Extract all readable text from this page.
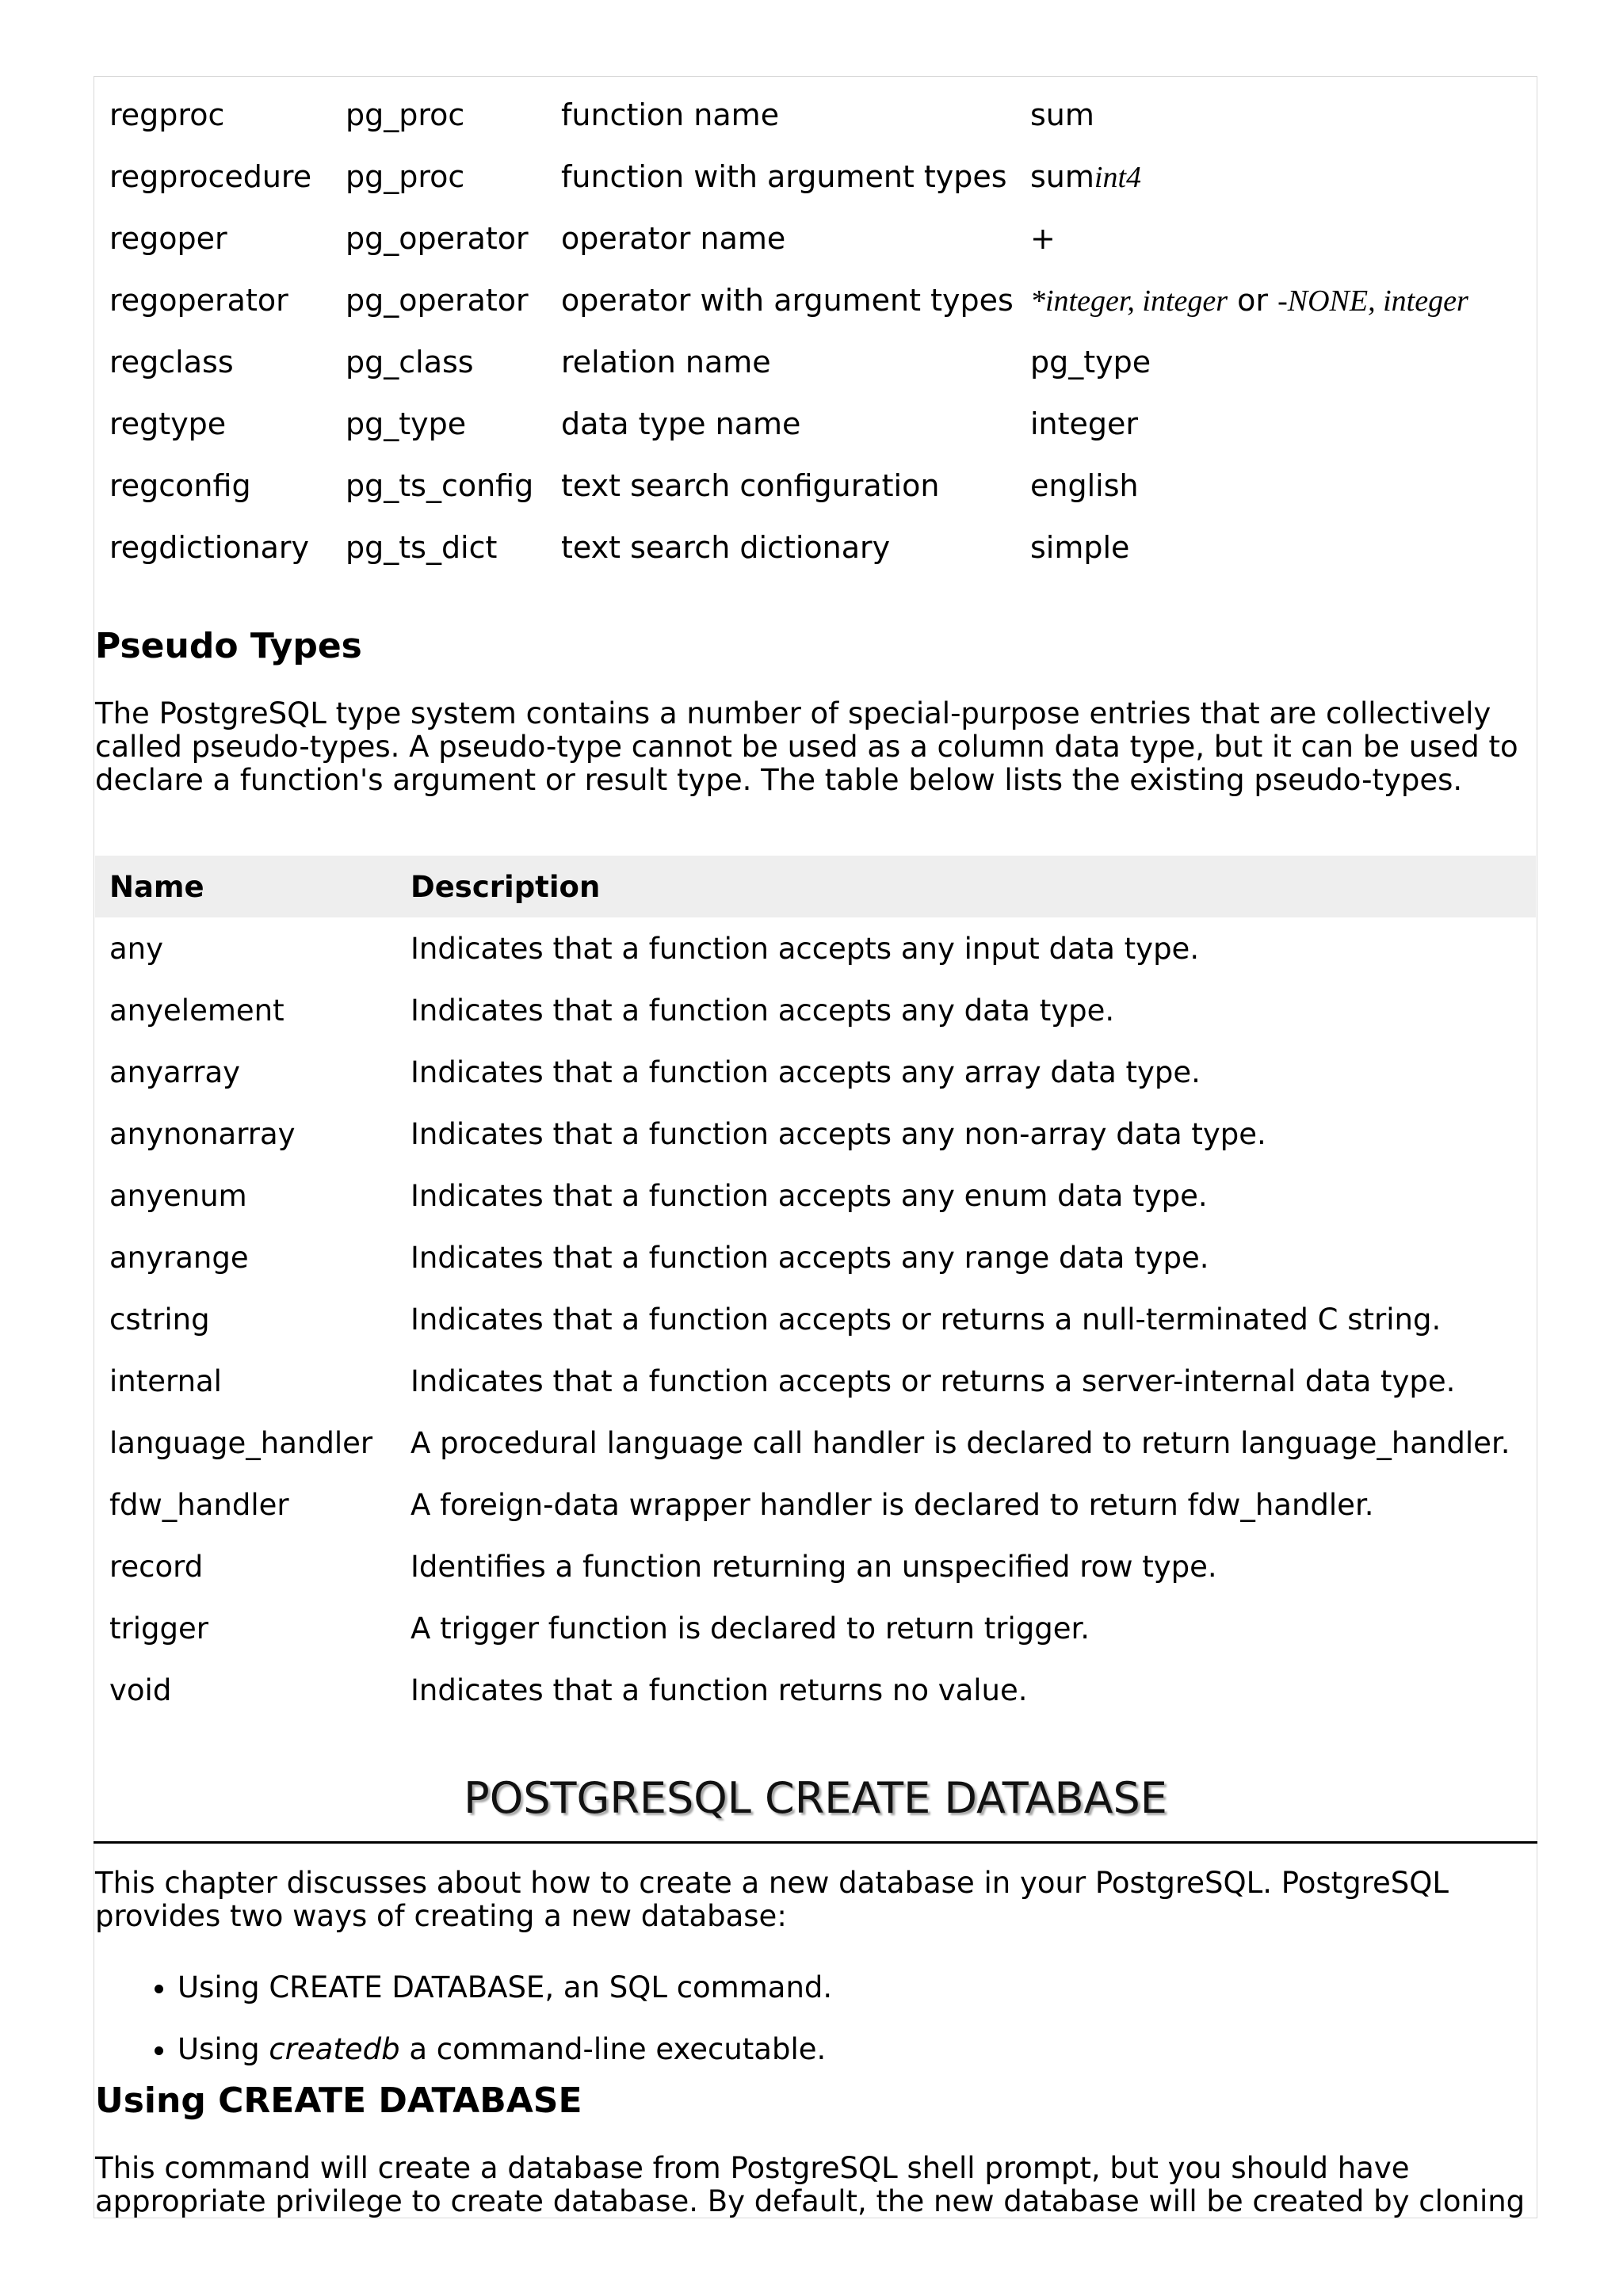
regproc	pg_proc	function name	sum
regprocedure	pg_proc	function with argument types	sumint4
regoper	pg_operator	operator name	+
regoperator	pg_operator	operator with argument types	*integer, integer or -NONE, integer
regclass	pg_class	relation name	pg_type
regtype	pg_type	data type name	integer
regconfig	pg_ts_config	text search configuration	english
regdictionary	pg_ts_dict	text search dictionary	simple
Pseudo Types

The PostgreSQL type system contains a number of special-purpose entries that are collectively called pseudo-types. A pseudo-type cannot be used as a column data type, but it can be used to declare a function's argument or result type. The table below lists the existing pseudo-types.

Name	Description
any	Indicates that a function accepts any input data type.
anyelement	Indicates that a function accepts any data type.
anyarray	Indicates that a function accepts any array data type.
anynonarray	Indicates that a function accepts any non-array data type.
anyenum	Indicates that a function accepts any enum data type.
anyrange	Indicates that a function accepts any range data type.
cstring	Indicates that a function accepts or returns a null-terminated C string.
internal	Indicates that a function accepts or returns a server-internal data type.
language_handler	A procedural language call handler is declared to return language_handler.
fdw_handler	A foreign-data wrapper handler is declared to return fdw_handler.
record	Identifies a function returning an unspecified row type.
trigger	A trigger function is declared to return trigger.
void	Indicates that a function returns no value.
POSTGRESQL CREATE DATABASE

This chapter discusses about how to create a new database in your PostgreSQL. PostgreSQL provides two ways of creating a new database:

• Using CREATE DATABASE, an SQL command.
• Using createdb a command-line executable.
Using CREATE DATABASE

This command will create a database from PostgreSQL shell prompt, but you should have appropriate privilege to create database. By default, the new database will be created by cloning
